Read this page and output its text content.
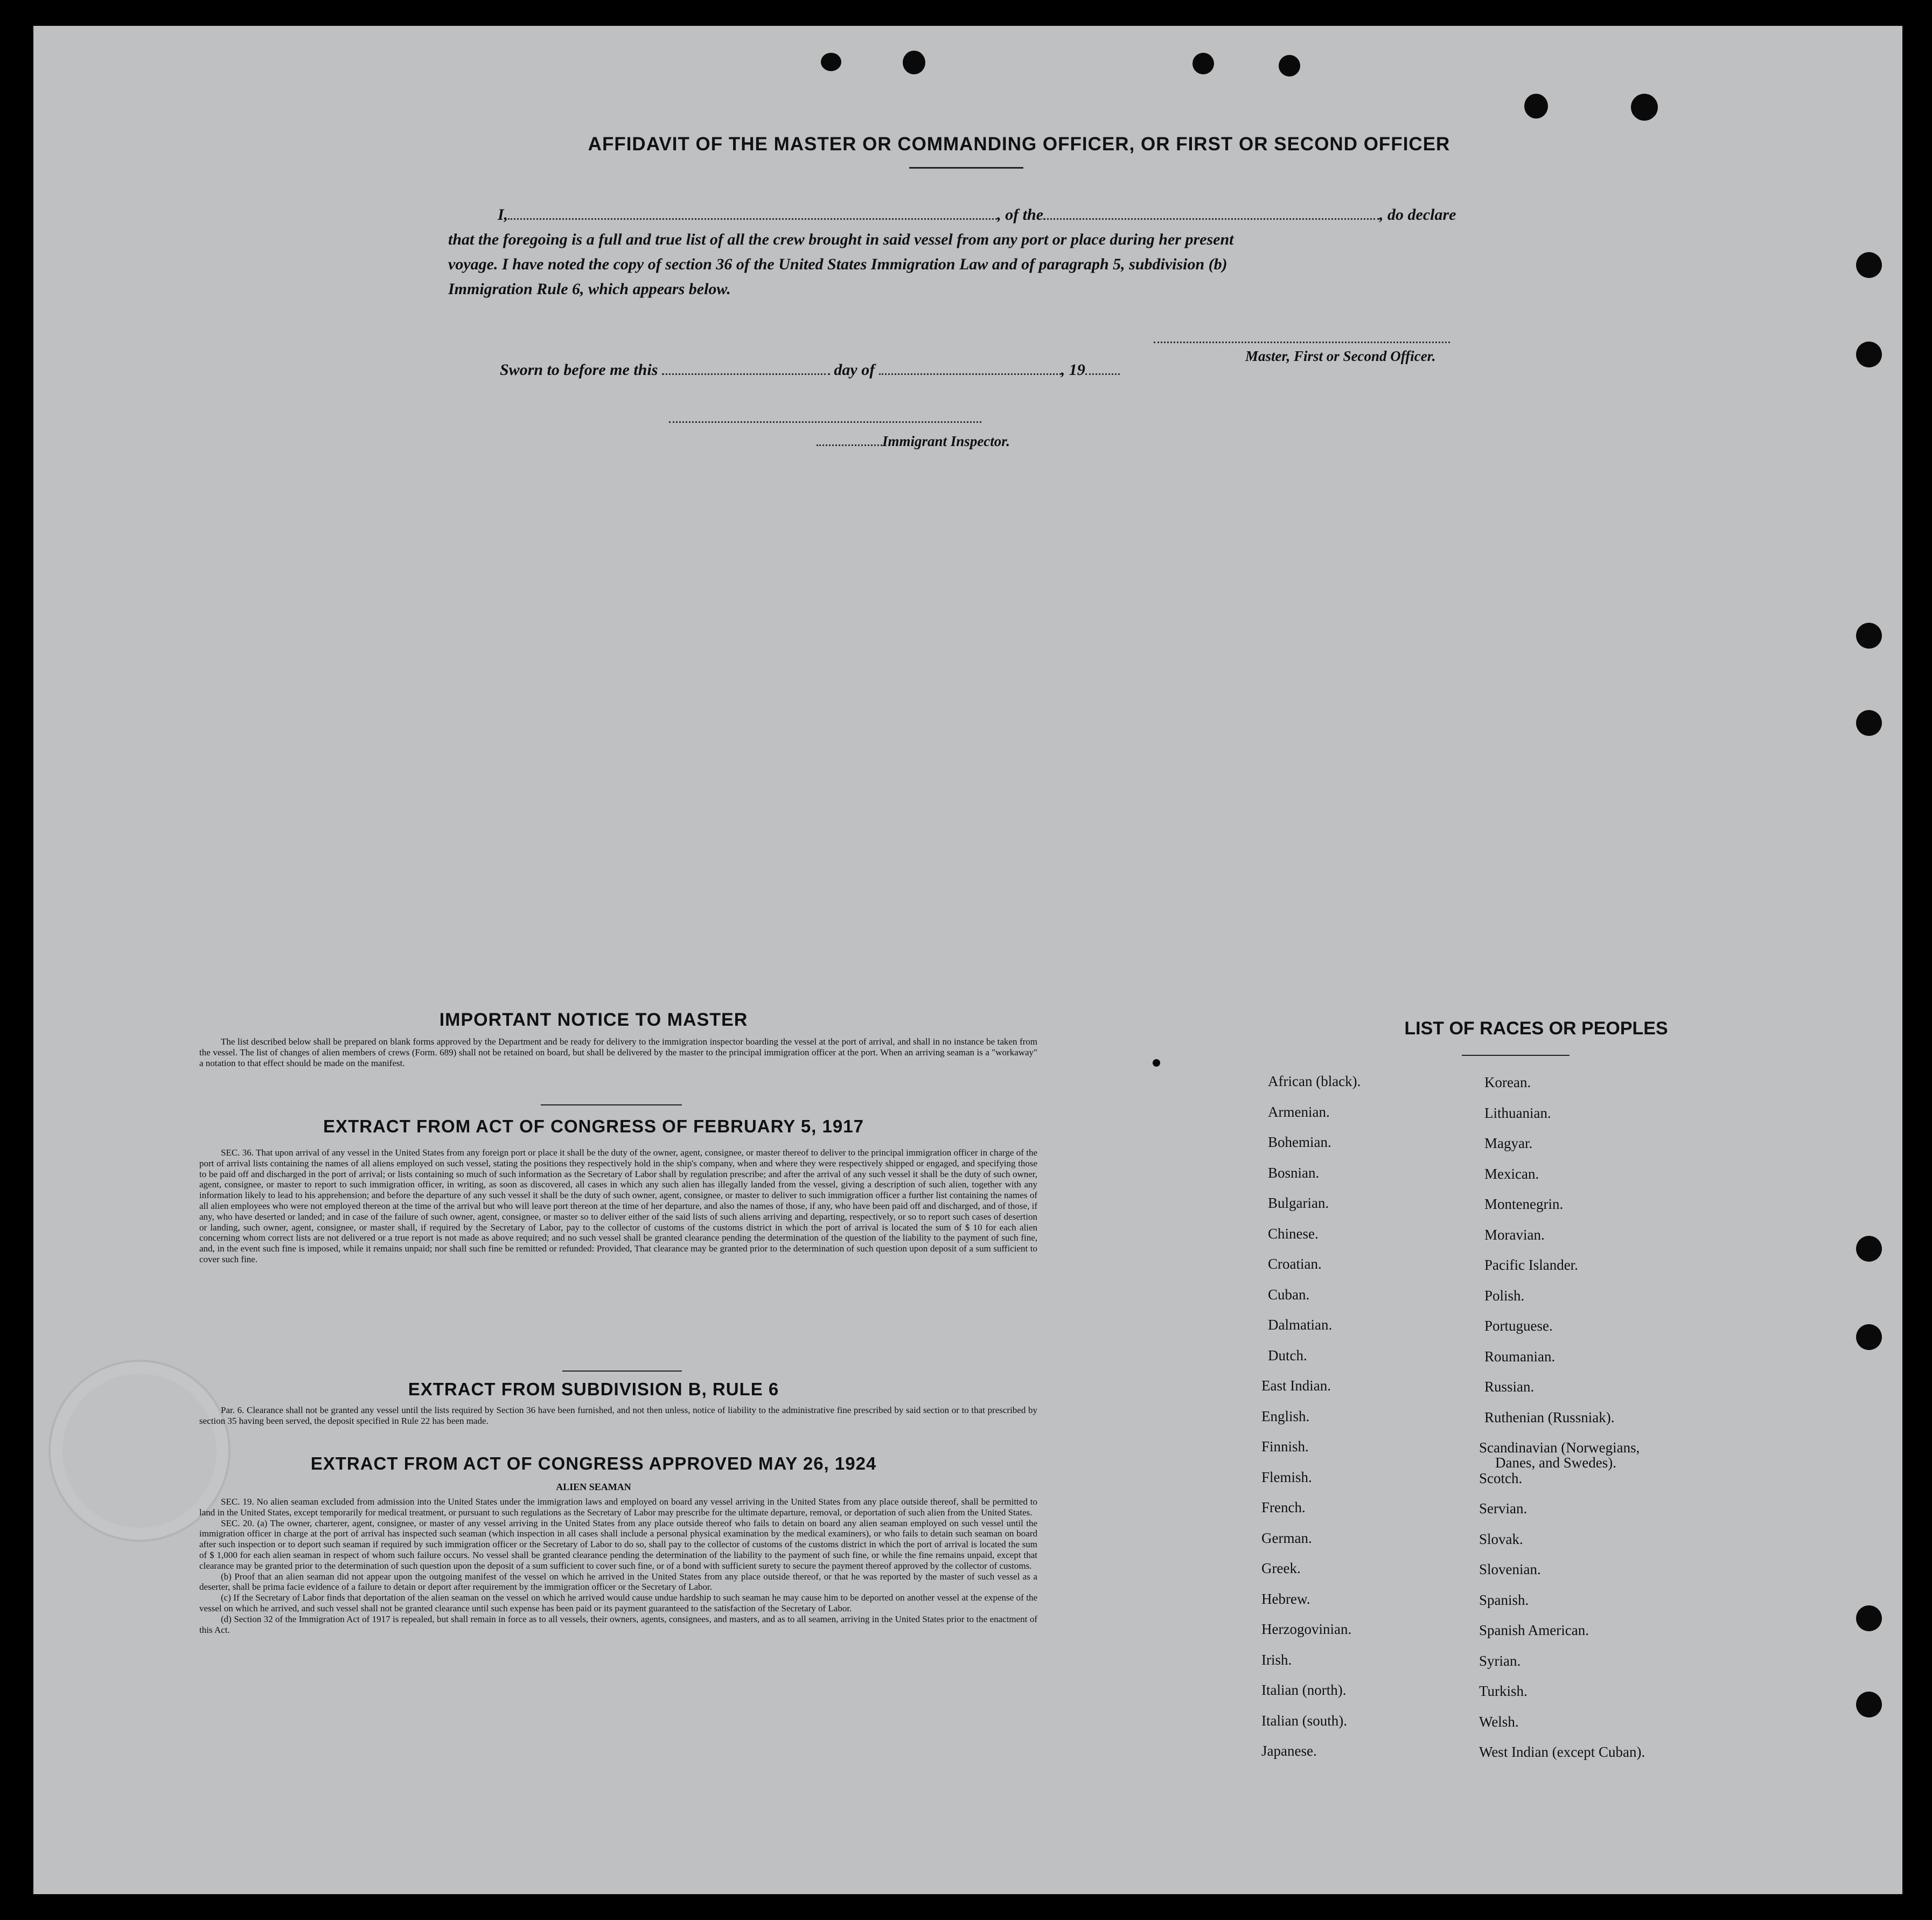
AFFIDAVIT OF THE MASTER OR COMMANDING OFFICER, OR FIRST OR SECOND OFFICER
I,	, of the	, do declare
that the foregoing is a full and true list of all the crew brought in said vessel from any port or place during her present
voyage. I have noted the copy of section 36 of the United States Immigration Law and of paragraph 5, subdivision (b)
Immigration Rule 6, which appears below.
Master, First or Second Officer.
Sworn to before me this	day of	, 19
Immigrant Inspector.
IMPORTANT NOTICE TO MASTER

The list described below shall be prepared on blank forms approved by the Department and be ready for delivery to the immigration inspector boarding the vessel at the port of arrival, and shall in no instance be taken from the vessel. The list of changes of alien members of crews (Form. 689) shall not be retained on board, but shall be delivered by the master to the principal immigration officer at the port. When an arriving seaman is a "workaway" a notation to that effect should be made on the manifest.

EXTRACT FROM ACT OF CONGRESS OF FEBRUARY 5, 1917

SEC. 36. That upon arrival of any vessel in the United States from any foreign port or place it shall be the duty of the owner, agent, consignee, or master thereof to deliver to the principal immigration officer in charge of the port of arrival lists containing the names of all aliens employed on such vessel, stating the positions they respectively hold in the ship's company, when and where they were respectively shipped or engaged, and specifying those to be paid off and discharged in the port of arrival; or lists containing so much of such information as the Secretary of Labor shall by regulation prescribe; and after the arrival of any such vessel it shall be the duty of such owner, agent, consignee, or master to report to such immigration officer, in writing, as soon as discovered, all cases in which any such alien has illegally landed from the vessel, giving a description of such alien, together with any information likely to lead to his apprehension; and before the departure of any such vessel it shall be the duty of such owner, agent, consignee, or master to deliver to such immigration officer a further list containing the names of all alien employees who were not employed thereon at the time of the arrival but who will leave port thereon at the time of her departure, and also the names of those, if any, who have been paid off and discharged, and of those, if any, who have deserted or landed; and in case of the failure of such owner, agent, consignee, or master so to deliver either of the said lists of such aliens arriving and departing, respectively, or so to report such cases of desertion or landing, such owner, agent, consignee, or master shall, if required by the Secretary of Labor, pay to the collector of customs of the customs district in which the port of arrival is located the sum of $ 10 for each alien concerning whom correct lists are not delivered or a true report is not made as above required; and no such vessel shall be granted clearance pending the determination of the question of the liability to the payment of such fine, and, in the event such fine is imposed, while it remains unpaid; nor shall such fine be remitted or refunded: Provided, That clearance may be granted prior to the determination of such question upon deposit of a sum sufficient to cover such fine.

EXTRACT FROM SUBDIVISION B, RULE 6

Par. 6. Clearance shall not be granted any vessel until the lists required by Section 36 have been furnished, and not then unless, notice of liability to the administrative fine prescribed by said section or to that prescribed by section 35 having been served, the deposit specified in Rule 22 has been made.

EXTRACT FROM ACT OF CONGRESS APPROVED MAY 26, 1924
ALIEN SEAMAN

SEC. 19. No alien seaman excluded from admission into the United States under the immigration laws and employed on board any vessel arriving in the United States from any place outside thereof, shall be permitted to land in the United States, except temporarily for medical treatment, or pursuant to such regulations as the Secretary of Labor may prescribe for the ultimate departure, removal, or deportation of such alien from the United States.

SEC. 20. (a) The owner, charterer, agent, consignee, or master of any vessel arriving in the United States from any place outside thereof who fails to detain on board any alien seaman employed on such vessel until the immigration officer in charge at the port of arrival has inspected such seaman (which inspection in all cases shall include a personal physical examination by the medical examiners), or who fails to detain such seaman on board after such inspection or to deport such seaman if required by such immigration officer or the Secretary of Labor to do so, shall pay to the collector of customs of the customs district in which the port of arrival is located the sum of $ 1,000 for each alien seaman in respect of whom such failure occurs. No vessel shall be granted clearance pending the determination of the liability to the payment of such fine, or while the fine remains unpaid, except that clearance may be granted prior to the determination of such question upon the deposit of a sum sufficient to cover such fine, or of a bond with sufficient surety to secure the payment thereof approved by the collector of customs.

(b) Proof that an alien seaman did not appear upon the outgoing manifest of the vessel on which he arrived in the United States from any place outside thereof, or that he was reported by the master of such vessel as a deserter, shall be prima facie evidence of a failure to detain or deport after requirement by the immigration officer or the Secretary of Labor.

(c) If the Secretary of Labor finds that deportation of the alien seaman on the vessel on which he arrived would cause undue hardship to such seaman he may cause him to be deported on another vessel at the expense of the vessel on which he arrived, and such vessel shall not be granted clearance until such expense has been paid or its payment guaranteed to the satisfaction of the Secretary of Labor.

(d) Section 32 of the Immigration Act of 1917 is repealed, but shall remain in force as to all vessels, their owners, agents, consignees, and masters, and as to all seamen, arriving in the United States prior to the enactment of this Act.

LIST OF RACES OR PEOPLES
African (black).
Armenian.
Bohemian.
Bosnian.
Bulgarian.
Chinese.
Croatian.
Cuban.
Dalmatian.
Dutch.
East Indian.
English.
Finnish.
Flemish.
French.
German.
Greek.
Hebrew.
Herzogovinian.
Irish.
Italian (north).
Italian (south).
Japanese.
Korean.
Lithuanian.
Magyar.
Mexican.
Montenegrin.
Moravian.
Pacific Islander.
Polish.
Portuguese.
Roumanian.
Russian.
Ruthenian (Russniak).
Scandinavian (Norwegians,
Danes, and Swedes).
Scotch.
Servian.
Slovak.
Slovenian.
Spanish.
Spanish American.
Syrian.
Turkish.
Welsh.
West Indian (except Cuban).
